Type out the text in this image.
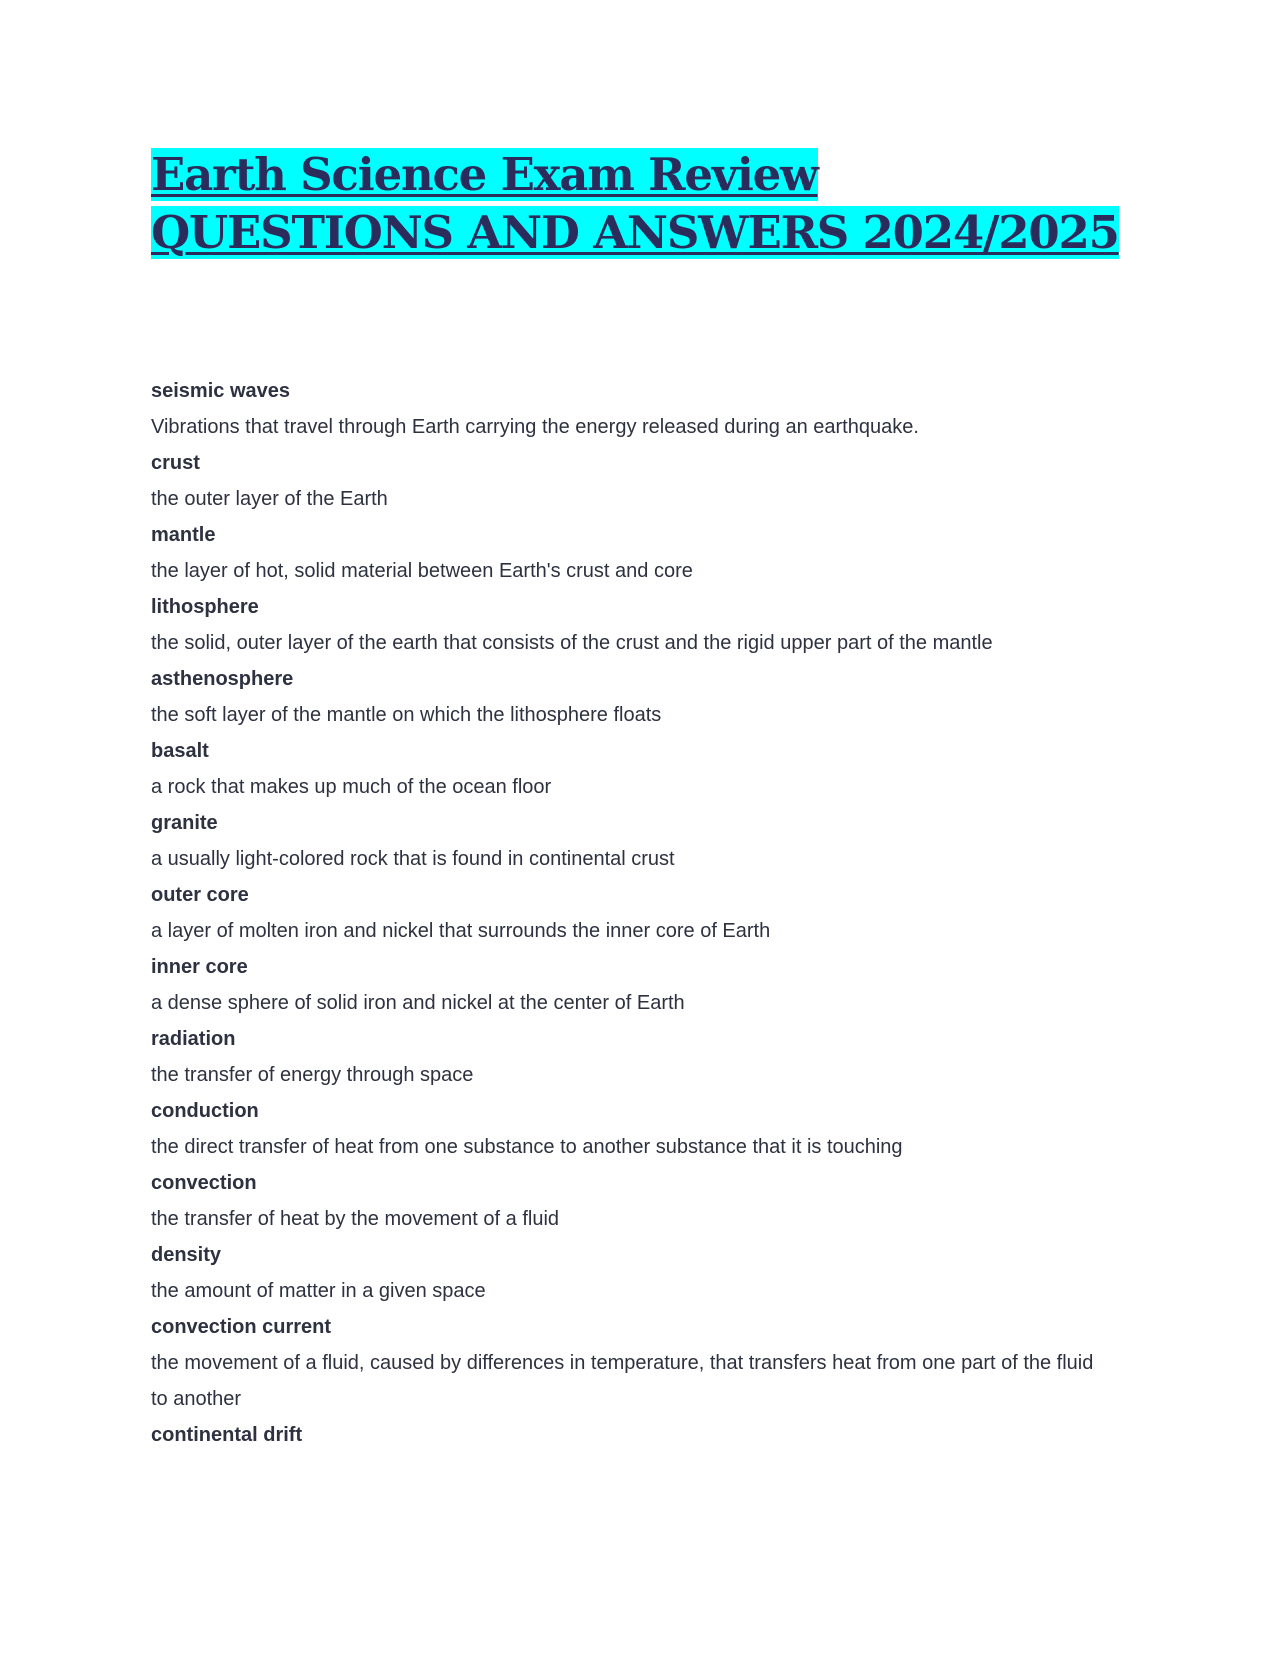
Earth Science Exam Review QUESTIONS AND ANSWERS 2024/2025

seismic waves

Vibrations that travel through Earth carrying the energy released during an earthquake.

crust

the outer layer of the Earth

mantle

the layer of hot, solid material between Earth's crust and core

lithosphere

the solid, outer layer of the earth that consists of the crust and the rigid upper part of the mantle

asthenosphere

the soft layer of the mantle on which the lithosphere floats

basalt

a rock that makes up much of the ocean floor

granite

a usually light-colored rock that is found in continental crust

outer core

a layer of molten iron and nickel that surrounds the inner core of Earth

inner core

a dense sphere of solid iron and nickel at the center of Earth

radiation

the transfer of energy through space

conduction

the direct transfer of heat from one substance to another substance that it is touching

convection

the transfer of heat by the movement of a fluid

density

the amount of matter in a given space

convection current

the movement of a fluid, caused by differences in temperature, that transfers heat from one part of the fluid to another

continental drift
